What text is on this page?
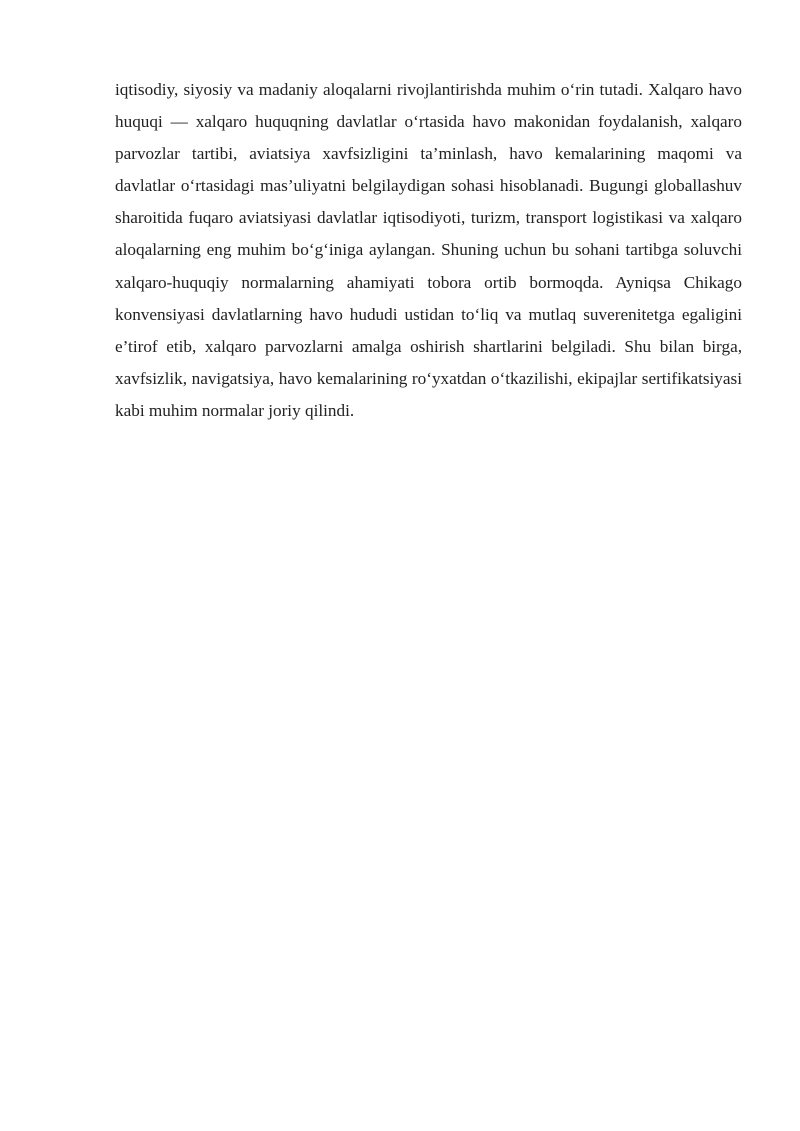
iqtisodiy, siyosiy va madaniy aloqalarni rivojlantirishda muhim o‘rin tutadi. Xalqaro havo huquqi — xalqaro huquqning davlatlar o‘rtasida havo makonidan foydalanish, xalqaro parvozlar tartibi, aviatsiya xavfsizligini ta’minlash, havo kemalarining maqomi va davlatlar o‘rtasidagi mas’uliyatni belgilaydigan sohasi hisoblanadi. Bugungi globallashuv sharoitida fuqaro aviatsiyasi davlatlar iqtisodiyoti, turizm, transport logistikasi va xalqaro aloqalarning eng muhim bo‘g‘iniga aylangan. Shuning uchun bu sohani tartibga soluvchi xalqaro-huquqiy normalarning ahamiyati tobora ortib bormoqda. Ayniqsa Chikago konvensiyasi davlatlarning havo hududi ustidan to‘liq va mutlaq suverenitetga egaligini e’tirof etib, xalqaro parvozlarni amalga oshirish shartlarini belgiladi. Shu bilan birga, xavfsizlik, navigatsiya, havo kemalarining ro‘yxatdan o‘tkazilishi, ekipajlar sertifikatsiyasi kabi muhim normalar joriy qilindi.
